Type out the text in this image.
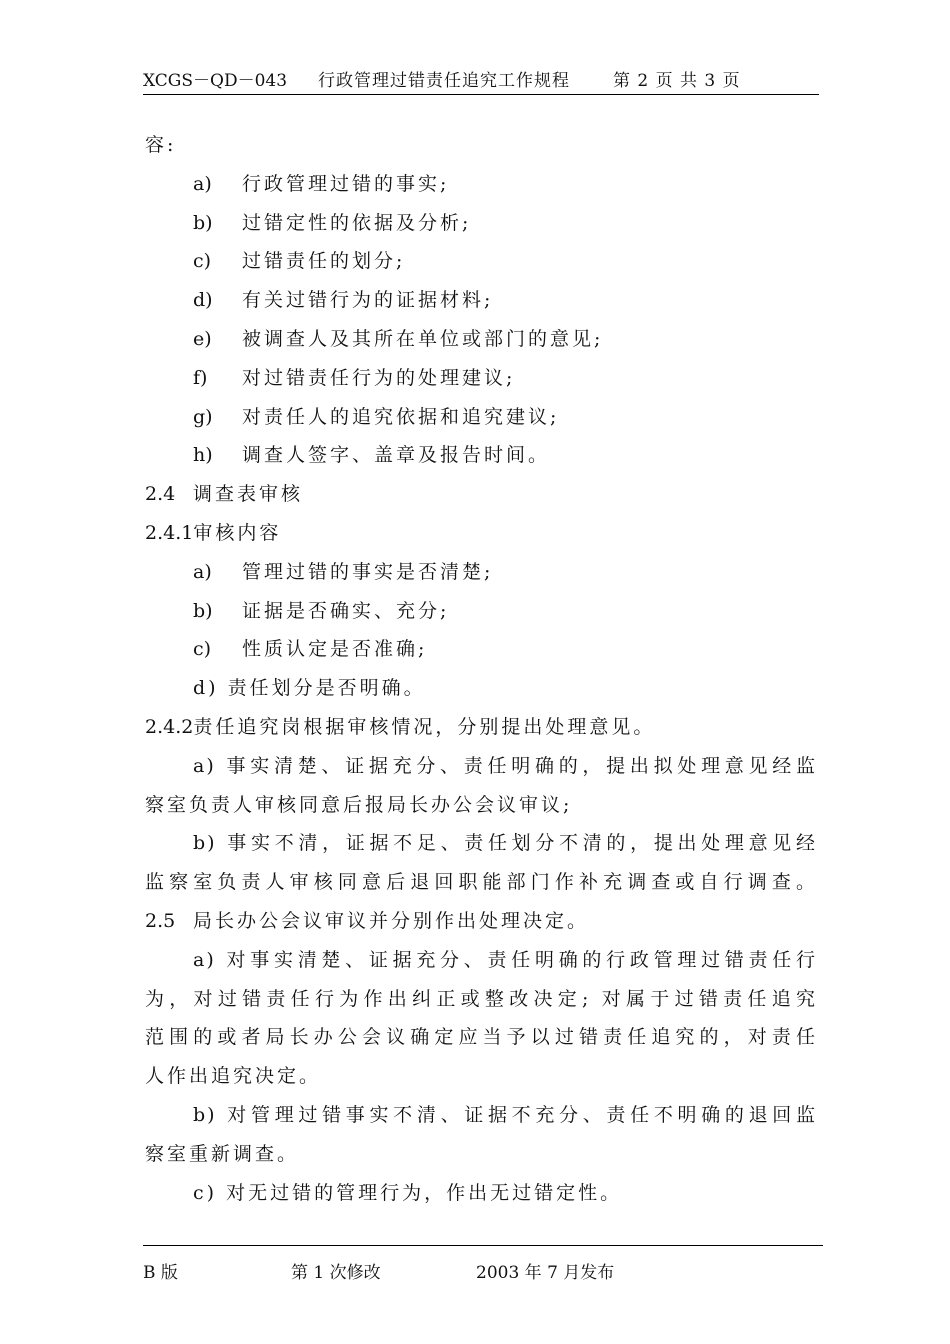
XCGS－QD－043 行政管理过错责任追究工作规程	第 2 页 共 3 页
容:
a) 行政管理过错的事实;
b) 过错定性的依据及分析;
c) 过错责任的划分;
d) 有关过错行为的证据材料;
e) 被调查人及其所在单位或部门的意见;
f) 对过错责任行为的处理建议;
g) 对责任人的追究依据和追究建议;
h) 调查人签字、盖章及报告时间。
2.4 调查表审核
2.4.1审核内容
a) 管理过错的事实是否清楚;
b) 证据是否确实、充分;
c) 性质认定是否准确;
d) 责任划分是否明确。
2.4.2责任追究岗根据审核情况，分别提出处理意见。
a) 事实清楚、证据充分、责任明确的，提出拟处理意见经监
察室负责人审核同意后报局长办公会议审议;
b) 事实不清，证据不足、责任划分不清的，提出处理意见经
监察室负责人审核同意后退回职能部门作补充调查或自行调查。
2.5 局长办公会议审议并分别作出处理决定。
a) 对事实清楚、证据充分、责任明确的行政管理过错责任行
为，对过错责任行为作出纠正或整改决定; 对属于过错责任追究
范围的或者局长办公会议确定应当予以过错责任追究的，对责任
人作出追究决定。
b) 对管理过错事实不清、证据不充分、责任不明确的退回监
察室重新调查。
c) 对无过错的管理行为，作出无过错定性。
B 版	第 1 次修改	2003 年 7 月发布
